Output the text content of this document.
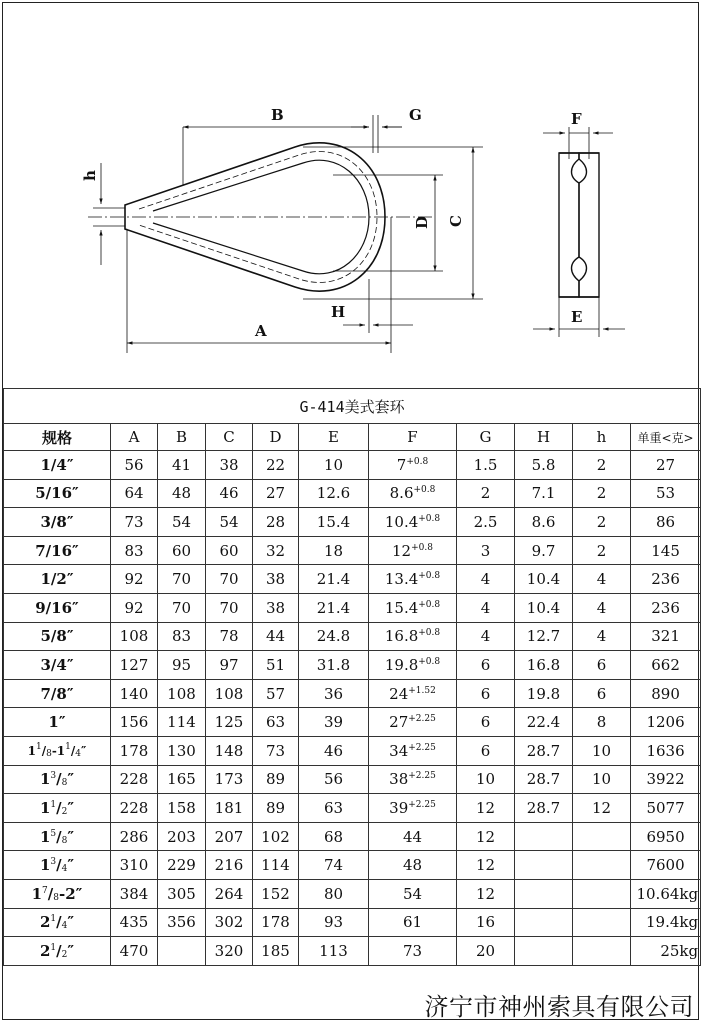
B	G
A
H
C
D
h
F
E
G-414美式套环										
规格	A	B	C	D	E	F	G	H	h	单重<克>
1/4″	56	41	38	22	10	$7^{+0.8}$	1.5	5.8	2	27
5/16″	64	48	46	27	12.6	$8.6^{+0.8}$	2	7.1	2	53
3/8″	73	54	54	28	15.4	$10.4^{+0.8}$	2.5	8.6	2	86
7/16″	83	60	60	32	18	$12^{+0.8}$	3	9.7	2	145
1/2″	92	70	70	38	21.4	$13.4^{+0.8}$	4	10.4	4	236
9/16″	92	70	70	38	21.4	$15.4^{+0.8}$	4	10.4	4	236
5/8″	108	83	78	44	24.8	$16.8^{+0.8}$	4	12.7	4	321
3/4″	127	95	97	51	31.8	$19.8^{+0.8}$	6	16.8	6	662
7/8″	140	108	108	57	36	$24^{+1.52}$	6	19.8	6	890
1″	156	114	125	63	39	$27^{+2.25}$	6	22.4	8	1206
$1^1/8-1^1/4''$	178	130	148	73	46	$34^{+2.25}$	6	28.7	10	1636
$1^3/8''$	228	165	173	89	56	$38^{+2.25}$	10	28.7	10	3922
$1^1/2''$	228	158	181	89	63	$39^{+2.25}$	12	28.7	12	5077
$1^5/8''$	286	203	207	102	68	44	12			6950
$1^3/4''$	310	229	216	114	74	48	12			7600
$1^7/8-2''$	384	305	264	152	80	54	12			10.64kg
$2^1/4''$	435	356	302	178	93	61	16			19.4kg
$2^1/2''$	470		320	185	113	73	20			25kg
济宁市神州索具有限公司
